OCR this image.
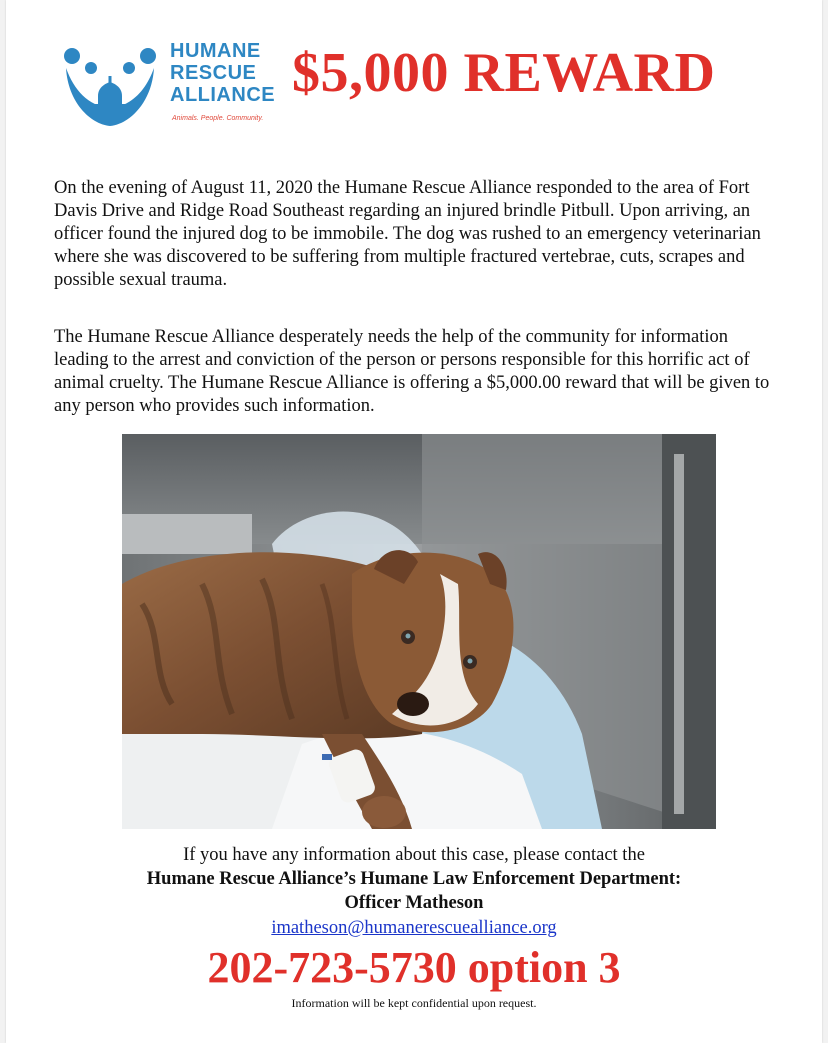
HUMANE
RESCUE
ALLIANCE
Animals. People. Community.
$5,000 REWARD

On the evening of August 11, 2020 the Humane Rescue Alliance responded to the area of Fort Davis Drive and Ridge Road Southeast regarding an injured brindle Pitbull. Upon arriving, an officer found the injured dog to be immobile. The dog was rushed to an emergency veterinarian where she was discovered to be suffering from multiple fractured vertebrae, cuts, scrapes and possible sexual trauma.

The Humane Rescue Alliance desperately needs the help of the community for information leading to the arrest and conviction of the person or persons responsible for this horrific act of animal cruelty. The Humane Rescue Alliance is offering a $5,000.00 reward that will be given to any person who provides such information.

If you have any information about this case, please contact the
Humane Rescue Alliance’s Humane Law Enforcement Department:
Officer Matheson
imatheson@humanerescuealliance.org
202-723-5730 option 3
Information will be kept confidential upon request.
